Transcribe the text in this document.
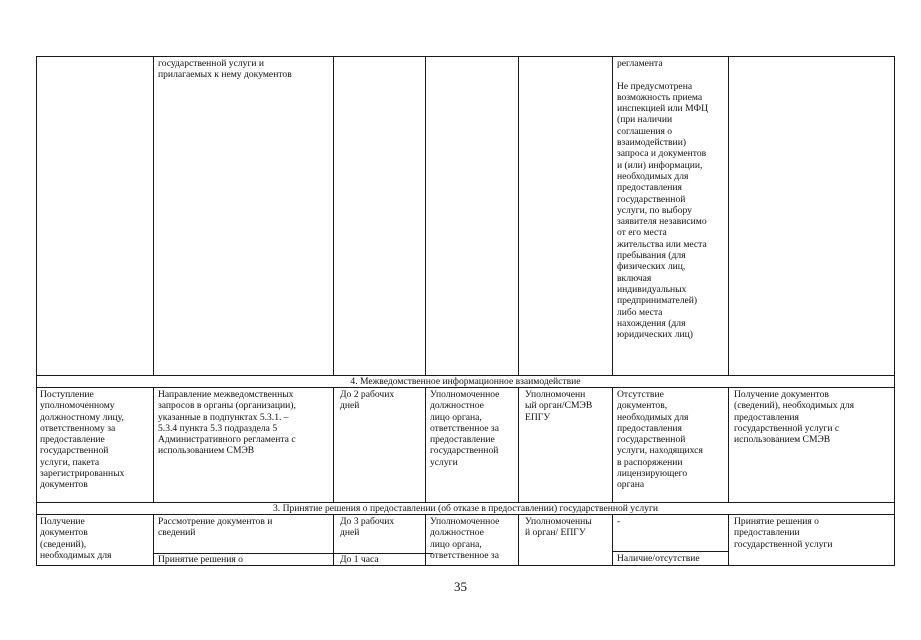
государственной услуги и
прилагаемых к нему документов
регламента

Не предусмотрена
возможность приема
инспекцией или МФЦ
(при наличии
соглашения о
взаимодействии)
запроса и документов
и (или) информации,
необходимых для
предоставления
государственной
услуги, по выбору
заявителя независимо
от его места
жительства или места
пребывания (для
физических лиц,
включая
индивидуальных
предпринимателей)
либо места
нахождения (для
юридических лиц)
4. Межведомственное информационное взаимодействие
Поступление
уполномоченному
должностному лицу,
ответственному за
предоставление
государственной
услуги, пакета
зарегистрированных
документов
Направление межведомственных
запросов в органы (организации),
указанные в подпунктах 5.3.1. –
5.3.4 пункта 5.3 подраздела 5
Административного регламента с
использованием СМЭВ
До 2 рабочих
дней
Уполномоченное
должностное
лицо органа,
ответственное за
предоставление
государственной
услуги
Уполномоченн
ый орган/СМЭВ
ЕПГУ
Отсутствие
документов,
необходимых для
предоставления
государственной
услуги, находящихся
в распоряжении
лицензирующего
органа
Получение документов
(сведений), необходимых для
предоставления
государственной услуги с
использованием СМЭВ
3. Принятие решения о предоставлении (об отказе в предоставлении) государственной услуги
Получение
документов
(сведений),
необходимых для
Рассмотрение документов и
сведений
Принятие решения о
До 3 рабочих
дней
До 1 часа
Уполномоченное
должностное
лицо органа,
ответственное за
Уполномоченны
й орган/ ЕПГУ
-
Наличие/отсутствие
Принятие решения о
предоставлении
государственной услуги
35
